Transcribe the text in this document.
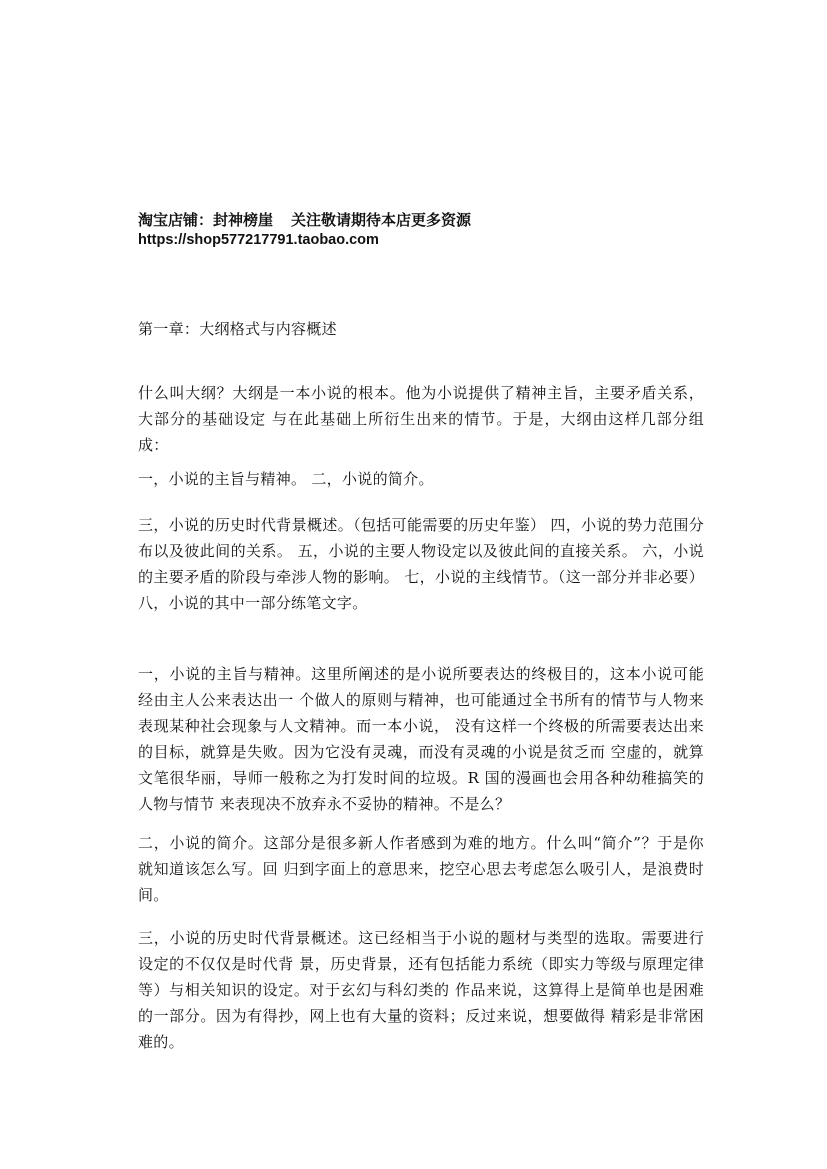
淘宝店铺：封神榜崖 关注敬请期待本店更多资源
https://shop577217791.taobao.com
第一章：大纲格式与内容概述
什么叫大纲？大纲是一本小说的根本。他为小说提供了精神主旨，主要矛盾关系，大部分的基础设定 与在此基础上所衍生出来的情节。于是，大纲由这样几部分组成：
一，小说的主旨与精神。 二，小说的简介。
三，小说的历史时代背景概述。（包括可能需要的历史年鉴） 四，小说的势力范围分布以及彼此间的关系。 五，小说的主要人物设定以及彼此间的直接关系。 六，小说的主要矛盾的阶段与牵涉人物的影响。 七，小说的主线情节。（这一部分并非必要） 八，小说的其中一部分练笔文字。
一，小说的主旨与精神。这里所阐述的是小说所要表达的终极目的，这本小说可能经由主人公来表达出一 个做人的原则与精神，也可能通过全书所有的情节与人物来表现某种社会现象与人文精神。而一本小说， 没有这样一个终极的所需要表达出来的目标，就算是失败。因为它没有灵魂，而没有灵魂的小说是贫乏而 空虚的，就算文笔很华丽，导师一般称之为打发时间的垃圾。R 国的漫画也会用各种幼稚搞笑的人物与情节 来表现决不放弃永不妥协的精神。不是么？
二，小说的简介。这部分是很多新人作者感到为难的地方。什么叫“简介”？于是你就知道该怎么写。回 归到字面上的意思来，挖空心思去考虑怎么吸引人，是浪费时间。
三，小说的历史时代背景概述。这已经相当于小说的题材与类型的选取。需要进行设定的不仅仅是时代背 景，历史背景，还有包括能力系统（即实力等级与原理定律等）与相关知识的设定。对于玄幻与科幻类的 作品来说，这算得上是简单也是困难的一部分。因为有得抄，网上也有大量的资料；反过来说，想要做得 精彩是非常困难的。
